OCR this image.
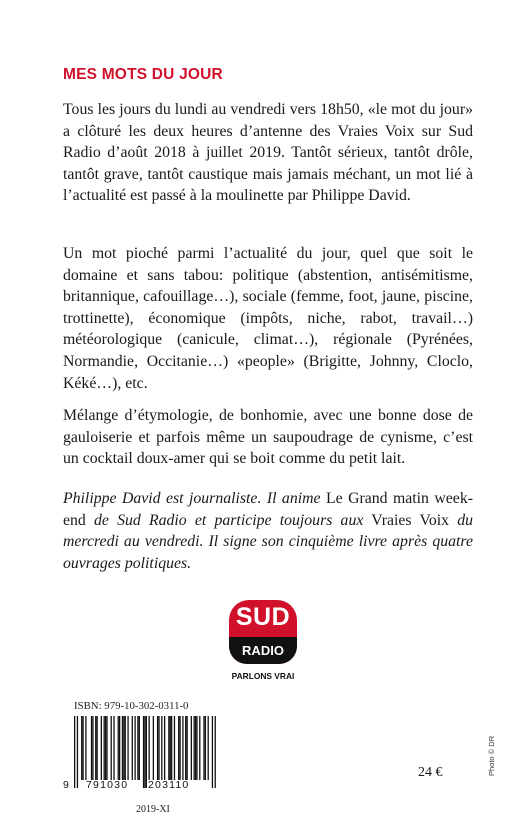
MES MOTS DU JOUR

Tous les jours du lundi au vendredi vers 18h50, «le mot du jour» a clôturé les deux heures d’antenne des Vraies Voix sur Sud Radio d’août 2018 à juillet 2019. Tantôt sérieux, tantôt drôle, tantôt grave, tantôt caustique mais jamais méchant, un mot lié à l’actualité est passé à la moulinette par Philippe David.

Un mot pioché parmi l’actualité du jour, quel que soit le domaine et sans tabou: politique (abstention, antisémitisme, britannique, cafouillage…), sociale (femme, foot, jaune, piscine, trottinette), économique (impôts, niche, rabot, travail…) météorologique (canicule, climat…), régionale (Pyrénées, Normandie, Occitanie…) «people» (Brigitte, Johnny, Cloclo, Kéké…), etc.

Mélange d’étymologie, de bonhomie, avec une bonne dose de gauloiserie et parfois même un saupoudrage de cynisme, c’est un cocktail doux-amer qui se boit comme du petit lait.

Philippe David est journaliste. Il anime Le Grand matin week-end de Sud Radio et participe toujours aux Vraies Voix du mercredi au vendredi. Il signe son cinquième livre après quatre ouvrages politiques.

SUD
RADIO
PARLONS VRAI
ISBN: 979-10-302-0311-0
9 791030 203110
2019-XI
24 €	Photo © DR
